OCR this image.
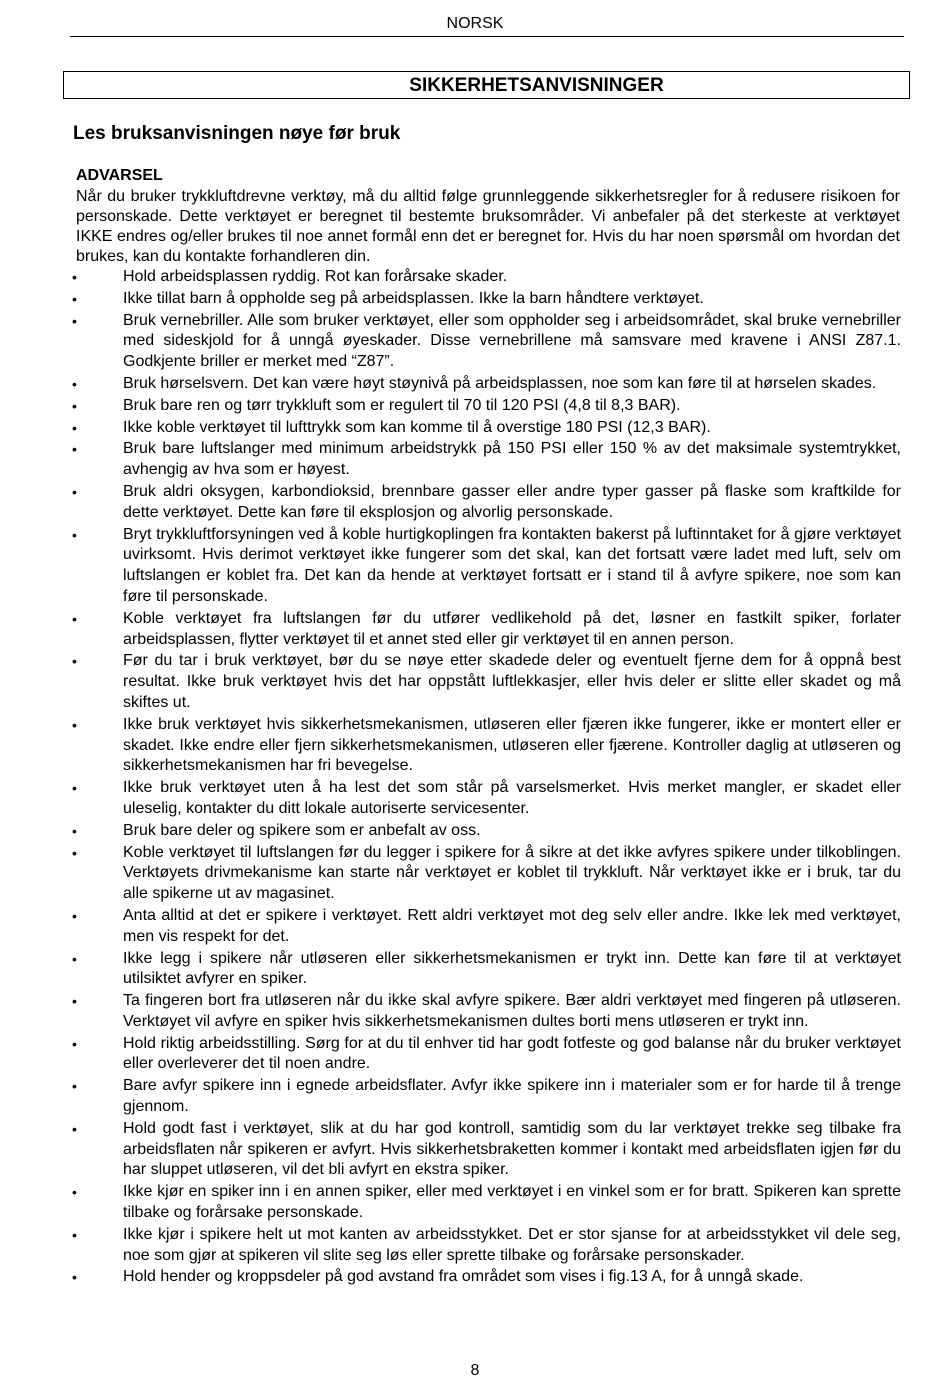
NORSK
SIKKERHETSANVISNINGER
Les bruksanvisningen nøye før bruk
ADVARSEL
Når du bruker trykkluftdrevne verktøy, må du alltid følge grunnleggende sikkerhetsregler for å redusere risikoen for personskade. Dette verktøyet er beregnet til bestemte bruksområder. Vi anbefaler på det sterkeste at verktøyet IKKE endres og/eller brukes til noe annet formål enn det er beregnet for. Hvis du har noen spørsmål om hvordan det brukes, kan du kontakte forhandleren din.
•	Hold arbeidsplassen ryddig. Rot kan forårsake skader.
•	Ikke tillat barn å oppholde seg på arbeidsplassen. Ikke la barn håndtere verktøyet.
•	Bruk vernebriller. Alle som bruker verktøyet, eller som oppholder seg i arbeidsområdet, skal bruke vernebriller med sideskjold for å unngå øyeskader. Disse vernebrillene må samsvare med kravene i ANSI Z87.1. Godkjente briller er merket med “Z87”.
•	Bruk hørselsvern. Det kan være høyt støynivå på arbeidsplassen, noe som kan føre til at hørselen skades.
•	Bruk bare ren og tørr trykkluft som er regulert til 70 til 120 PSI (4,8 til 8,3 BAR).
•	Ikke koble verktøyet til lufttrykk som kan komme til å overstige 180 PSI (12,3 BAR).
•	Bruk bare luftslanger med minimum arbeidstrykk på 150 PSI eller 150 % av det maksimale systemtrykket, avhengig av hva som er høyest.
•	Bruk aldri oksygen, karbondioksid, brennbare gasser eller andre typer gasser på flaske som kraftkilde for dette verktøyet. Dette kan føre til eksplosjon og alvorlig personskade.
•	Bryt trykkluftforsyningen ved å koble hurtigkoplingen fra kontakten bakerst på luftinntaket for å gjøre verktøyet uvirksomt. Hvis derimot verktøyet ikke fungerer som det skal, kan det fortsatt være ladet med luft, selv om luftslangen er koblet fra. Det kan da hende at verktøyet fortsatt er i stand til å avfyre spikere, noe som kan føre til personskade.
•	Koble verktøyet fra luftslangen før du utfører vedlikehold på det, løsner en fastkilt spiker, forlater arbeidsplassen, flytter verktøyet til et annet sted eller gir verktøyet til en annen person.
•	Før du tar i bruk verktøyet, bør du se nøye etter skadede deler og eventuelt fjerne dem for å oppnå best resultat. Ikke bruk verktøyet hvis det har oppstått luftlekkasjer, eller hvis deler er slitte eller skadet og må skiftes ut.
•	Ikke bruk verktøyet hvis sikkerhetsmekanismen, utløseren eller fjæren ikke fungerer, ikke er montert eller er skadet. Ikke endre eller fjern sikkerhetsmekanismen, utløseren eller fjærene. Kontroller daglig at utløseren og sikkerhetsmekanismen har fri bevegelse.
•	Ikke bruk verktøyet uten å ha lest det som står på varselsmerket. Hvis merket mangler, er skadet eller uleselig, kontakter du ditt lokale autoriserte servicesenter.
•	Bruk bare deler og spikere som er anbefalt av oss.
•	Koble verktøyet til luftslangen før du legger i spikere for å sikre at det ikke avfyres spikere under tilkoblingen. Verktøyets drivmekanisme kan starte når verktøyet er koblet til trykkluft. Når verktøyet ikke er i bruk, tar du alle spikerne ut av magasinet.
•	Anta alltid at det er spikere i verktøyet. Rett aldri verktøyet mot deg selv eller andre. Ikke lek med verktøyet, men vis respekt for det.
•	Ikke legg i spikere når utløseren eller sikkerhetsmekanismen er trykt inn. Dette kan føre til at verktøyet utilsiktet avfyrer en spiker.
•	Ta fingeren bort fra utløseren når du ikke skal avfyre spikere. Bær aldri verktøyet med fingeren på utløseren. Verktøyet vil avfyre en spiker hvis sikkerhetsmekanismen dultes borti mens utløseren er trykt inn.
•	Hold riktig arbeidsstilling. Sørg for at du til enhver tid har godt fotfeste og god balanse når du bruker verktøyet eller overleverer det til noen andre.
•	Bare avfyr spikere inn i egnede arbeidsflater. Avfyr ikke spikere inn i materialer som er for harde til å trenge gjennom.
•	Hold godt fast i verktøyet, slik at du har god kontroll, samtidig som du lar verktøyet trekke seg tilbake fra arbeidsflaten når spikeren er avfyrt. Hvis sikkerhetsbraketten kommer i kontakt med arbeidsflaten igjen før du har sluppet utløseren, vil det bli avfyrt en ekstra spiker.
•	Ikke kjør en spiker inn i en annen spiker, eller med verktøyet i en vinkel som er for bratt. Spikeren kan sprette tilbake og forårsake personskade.
•	Ikke kjør i spikere helt ut mot kanten av arbeidsstykket. Det er stor sjanse for at arbeidsstykket vil dele seg, noe som gjør at spikeren vil slite seg løs eller sprette tilbake og forårsake personskader.
•	Hold hender og kroppsdeler på god avstand fra området som vises i fig.13 A, for å unngå skade.
8
